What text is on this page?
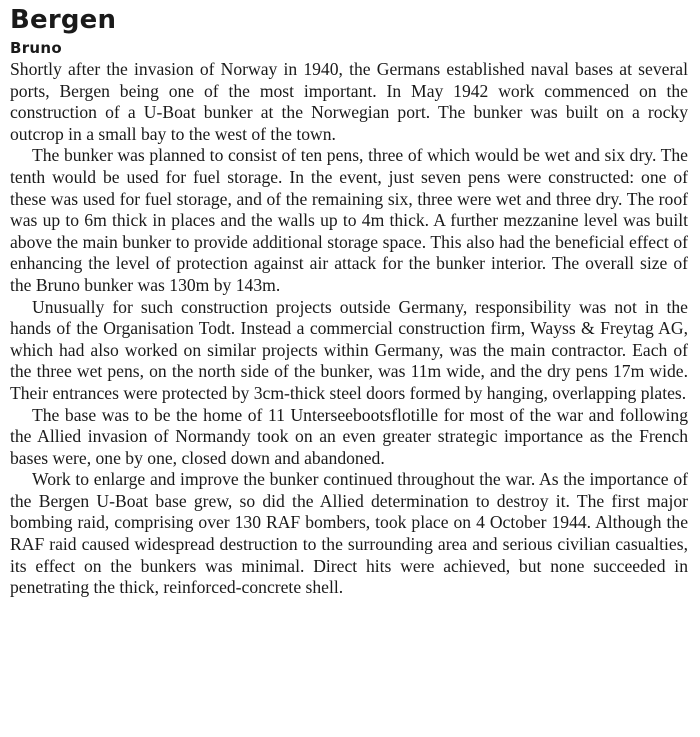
Bergen
Bruno

Shortly after the invasion of Norway in 1940, the Germans established naval bases at several ports, Bergen being one of the most important. In May 1942 work commenced on the construction of a U-Boat bunker at the Norwegian port. The bunker was built on a rocky outcrop in a small bay to the west of the town.

The bunker was planned to consist of ten pens, three of which would be wet and six dry. The tenth would be used for fuel storage. In the event, just seven pens were constructed: one of these was used for fuel storage, and of the remaining six, three were wet and three dry. The roof was up to 6m thick in places and the walls up to 4m thick. A further mezzanine level was built above the main bunker to provide additional storage space. This also had the beneficial effect of enhancing the level of protection against air attack for the bunker interior. The overall size of the Bruno bunker was 130m by 143m.

Unusually for such construction projects outside Germany, responsibility was not in the hands of the Organisation Todt. Instead a commercial construction firm, Wayss & Freytag AG, which had also worked on similar projects within Germany, was the main contractor. Each of the three wet pens, on the north side of the bunker, was 11m wide, and the dry pens 17m wide. Their entrances were protected by 3cm-thick steel doors formed by hanging, overlapping plates.

The base was to be the home of 11 Unterseebootsflotille for most of the war and following the Allied invasion of Normandy took on an even greater strategic importance as the French bases were, one by one, closed down and abandoned.

Work to enlarge and improve the bunker continued throughout the war. As the importance of the Bergen U-Boat base grew, so did the Allied determination to destroy it. The first major bombing raid, comprising over 130 RAF bombers, took place on 4 October 1944. Although the RAF raid caused widespread destruction to the surrounding area and serious civilian casualties, its effect on the bunkers was minimal. Direct hits were achieved, but none succeeded in penetrating the thick, reinforced-concrete shell.
